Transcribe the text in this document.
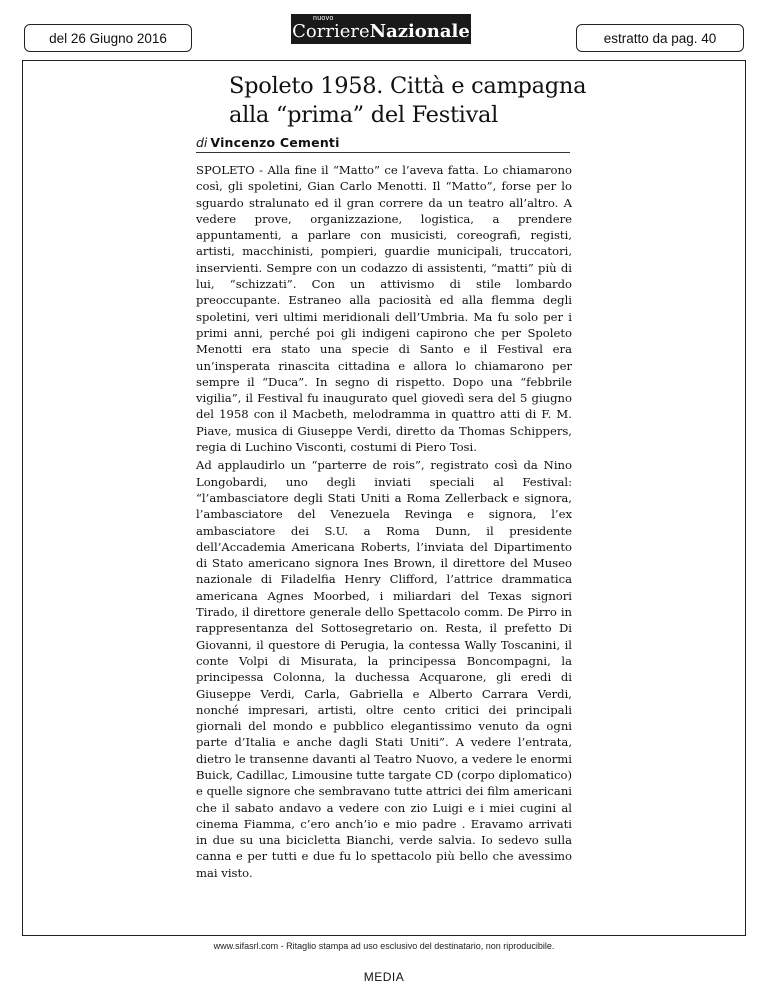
del 26 Giugno 2016
nuovo
Corriere Nazionale	estratto da pag. 40
Spoleto 1958. Città e campagna alla “prima” del Festival
di Vincenzo Cementi

SPOLETO - Alla fine il “Matto” ce l’aveva fatta. Lo chiamarono così, gli spoletini, Gian Carlo Menotti. Il “Matto”, forse per lo sguardo stralunato ed il gran correre da un teatro all’altro. A vedere prove, organizzazione, logistica, a prendere appuntamenti, a parlare con musicisti, coreografi, registi, artisti, macchinisti, pompieri, guardie municipali, truccatori, inservienti. Sempre con un codazzo di assistenti, “matti” più di lui, “schizzati”. Con un attivismo di stile lombardo preoccupante. Estraneo alla paciosità ed alla flemma degli spoletini, veri ultimi meridionali dell’Umbria. Ma fu solo per i primi anni, perché poi gli indigeni capirono che per Spoleto Menotti era stato una specie di Santo e il Festival era un’insperata rinascita cittadina e allora lo chiamarono per sempre il “Duca”. In segno di rispetto. Dopo una “febbrile vigilia”, il Festival fu inaugurato quel giovedì sera del 5 giugno del 1958 con il Macbeth, melodramma in quattro atti di F. M. Piave, musica di Giuseppe Verdi, diretto da Thomas Schippers, regia di Luchino Visconti, costumi di Piero Tosi.

Ad applaudirlo un “parterre de rois”, registrato così da Nino Longobardi, uno degli inviati speciali al Festival: “l’ambasciatore degli Stati Uniti a Roma Zellerback e signora, l’ambasciatore del Venezuela Revinga e signora, l’ex ambasciatore dei S.U. a Roma Dunn, il presidente dell’Accademia Americana Roberts, l’inviata del Dipartimento di Stato americano signora Ines Brown, il direttore del Museo nazionale di Filadelfia Henry Clifford, l’attrice drammatica americana Agnes Moorbed, i miliardari del Texas signori Tirado, il direttore generale dello Spettacolo comm. De Pirro in rappresentanza del Sottosegretario on. Resta, il prefetto Di Giovanni, il questore di Perugia, la contessa Wally Toscanini, il conte Volpi di Misurata, la principessa Boncompagni, la principessa Colonna, la duchessa Acquarone, gli eredi di Giuseppe Verdi, Carla, Gabriella e Alberto Carrara Verdi, nonché impresari, artisti, oltre cento critici dei principali giornali del mondo e pubblico elegantissimo venuto da ogni parte d’Italia e anche dagli Stati Uniti”. A vedere l’entrata, dietro le transenne davanti al Teatro Nuovo, a vedere le enormi Buick, Cadillac, Limousine tutte targate CD (corpo diplomatico) e quelle signore che sembravano tutte attrici dei film americani che il sabato andavo a vedere con zio Luigi e i miei cugini al cinema Fiamma, c’ero anch’io e mio padre . Eravamo arrivati in due su una bicicletta Bianchi, verde salvia. Io sedevo sulla canna e per tutti e due fu lo spettacolo più bello che avessimo mai visto.

www.sifasrl.com - Ritaglio stampa ad uso esclusivo del destinatario, non riproducibile.
MEDIA
